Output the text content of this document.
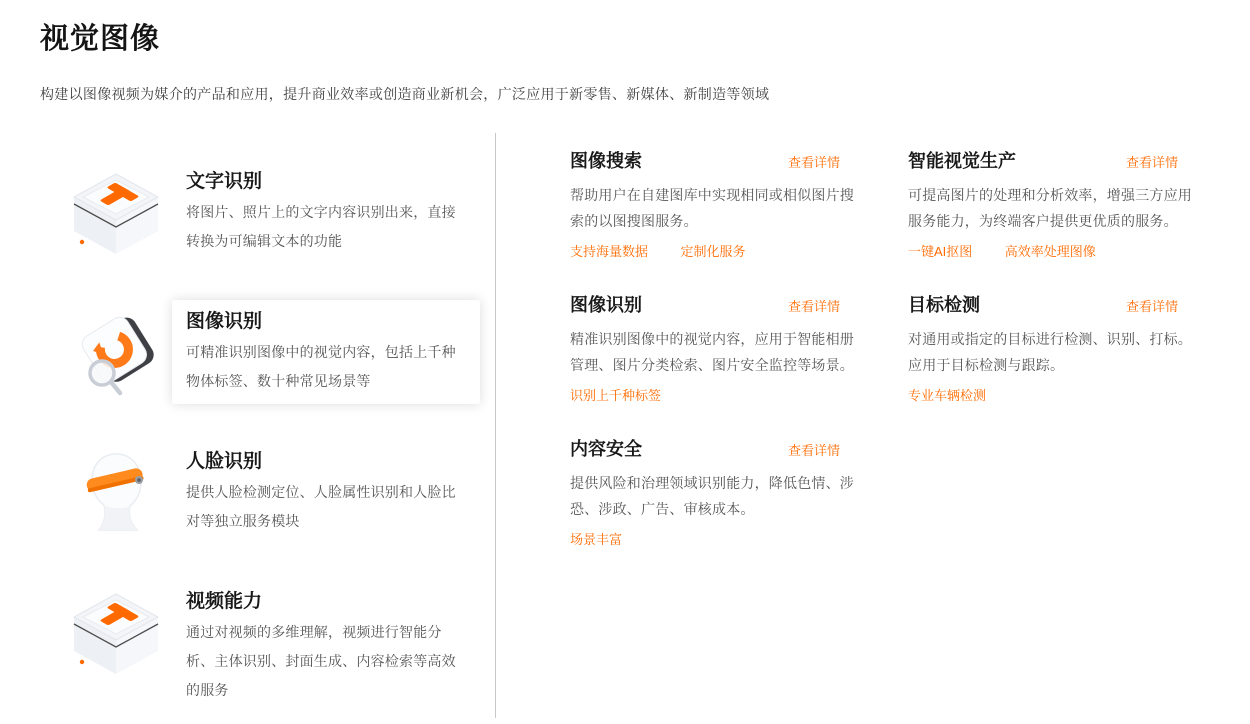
视觉图像
构建以图像视频为媒介的产品和应用，提升商业效率或创造商业新机会，广泛应用于新零售、新媒体、新制造等领域
文字识别
将图片、照片上的文字内容识别出来，直接转换为可编辑文本的功能
图像识别
可精准识别图像中的视觉内容，包括上千种物体标签、数十种常见场景等
人脸识别
提供人脸检测定位、人脸属性识别和人脸比对等独立服务模块
视频能力
通过对视频的多维理解，视频进行智能分析、主体识别、封面生成、内容检索等高效的服务
图像搜索	查看详情
帮助用户在自建图库中实现相同或相似图片搜索的以图搜图服务。
支持海量数据 定制化服务
智能视觉生产	查看详情
可提高图片的处理和分析效率，增强三方应用服务能力，为终端客户提供更优质的服务。
一键AI抠图 高效率处理图像
图像识别	查看详情
精准识别图像中的视觉内容，应用于智能相册管理、图片分类检索、图片安全监控等场景。
识别上千种标签
目标检测	查看详情
对通用或指定的目标进行检测、识别、打标。应用于目标检测与跟踪。
专业车辆检测
内容安全	查看详情
提供风险和治理领域识别能力，降低色情、涉恐、涉政、广告、审核成本。
场景丰富
